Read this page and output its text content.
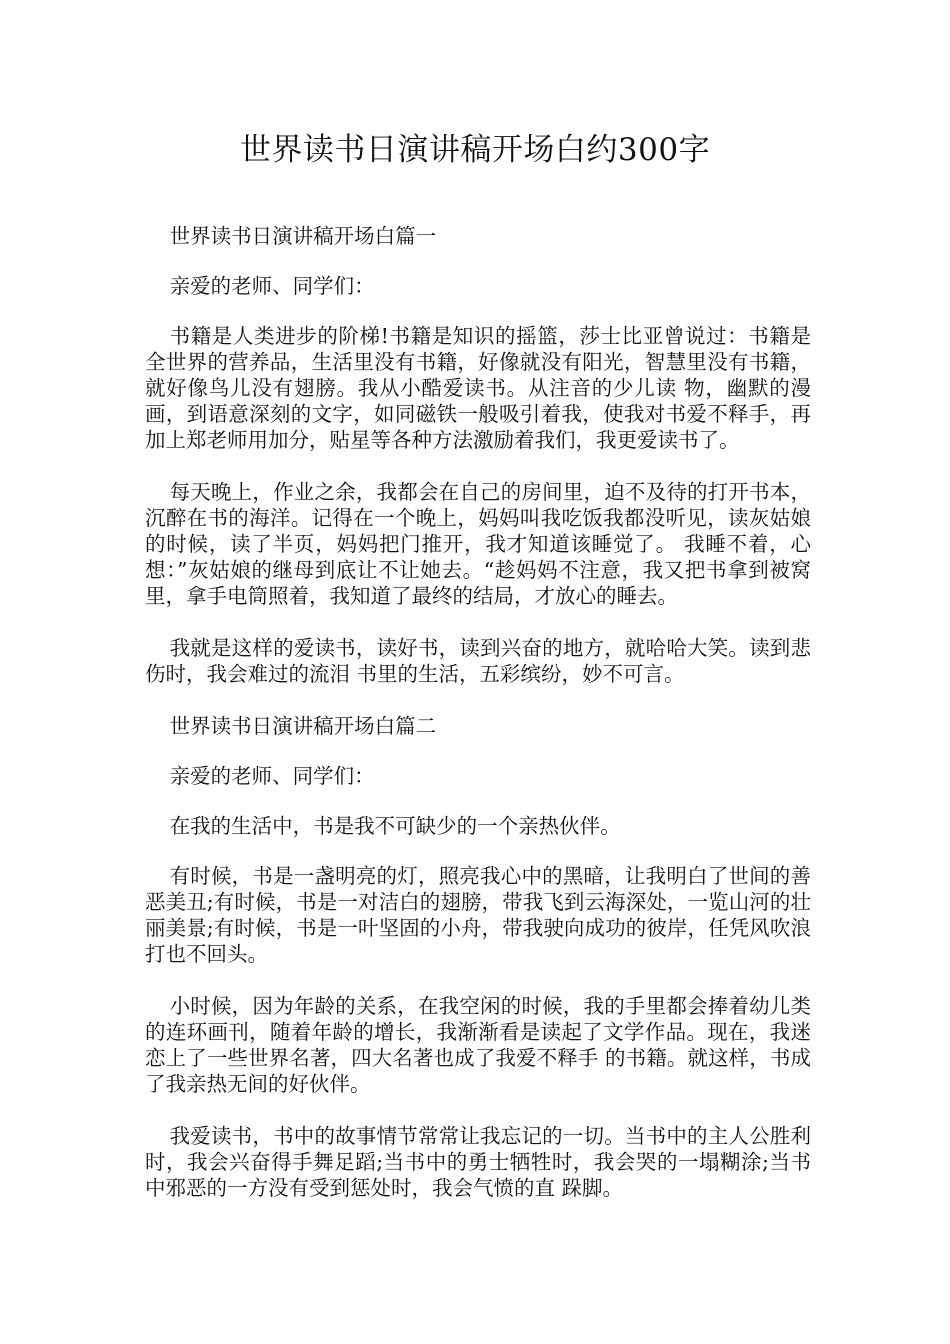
世界读书日演讲稿开场白约300字

世界读书日演讲稿开场白篇一

亲爱的老师、同学们：

书籍是人类进步的阶梯!书籍是知识的摇篮，莎士比亚曾说过：书籍是全世界的营养品，生活里没有书籍，好像就没有阳光，智慧里没有书籍，就好像鸟儿没有翅膀。我从小酷爱读书。从注音的少儿读 物，幽默的漫画，到语意深刻的文字，如同磁铁一般吸引着我，使我对书爱不释手，再加上郑老师用加分，贴星等各种方法激励着我们，我更爱读书了。

每天晚上，作业之余，我都会在自己的房间里，迫不及待的打开书本，沉醉在书的海洋。记得在一个晚上，妈妈叫我吃饭我都没听见，读灰姑娘的时候，读了半页，妈妈把门推开，我才知道该睡觉了。 我睡不着，心想：”灰姑娘的继母到底让不让她去。“趁妈妈不注意，我又把书拿到被窝里，拿手电筒照着，我知道了最终的结局，才放心的睡去。

我就是这样的爱读书，读好书，读到兴奋的地方，就哈哈大笑。读到悲伤时，我会难过的流泪 书里的生活，五彩缤纷，妙不可言。

世界读书日演讲稿开场白篇二

亲爱的老师、同学们：

在我的生活中，书是我不可缺少的一个亲热伙伴。

有时候，书是一盏明亮的灯，照亮我心中的黑暗，让我明白了世间的善恶美丑;有时候，书是一对洁白的翅膀，带我飞到云海深处，一览山河的壮丽美景;有时候，书是一叶坚固的小舟，带我驶向成功的彼岸，任凭风吹浪打也不回头。

小时候，因为年龄的关系，在我空闲的时候，我的手里都会捧着幼儿类的连环画刊，随着年龄的增长，我渐渐看是读起了文学作品。现在，我迷恋上了一些世界名著，四大名著也成了我爱不释手 的书籍。就这样，书成了我亲热无间的好伙伴。

我爱读书，书中的故事情节常常让我忘记的一切。当书中的主人公胜利时，我会兴奋得手舞足蹈;当书中的勇士牺牲时，我会哭的一塌糊涂;当书中邪恶的一方没有受到惩处时，我会气愤的直 跺脚。
